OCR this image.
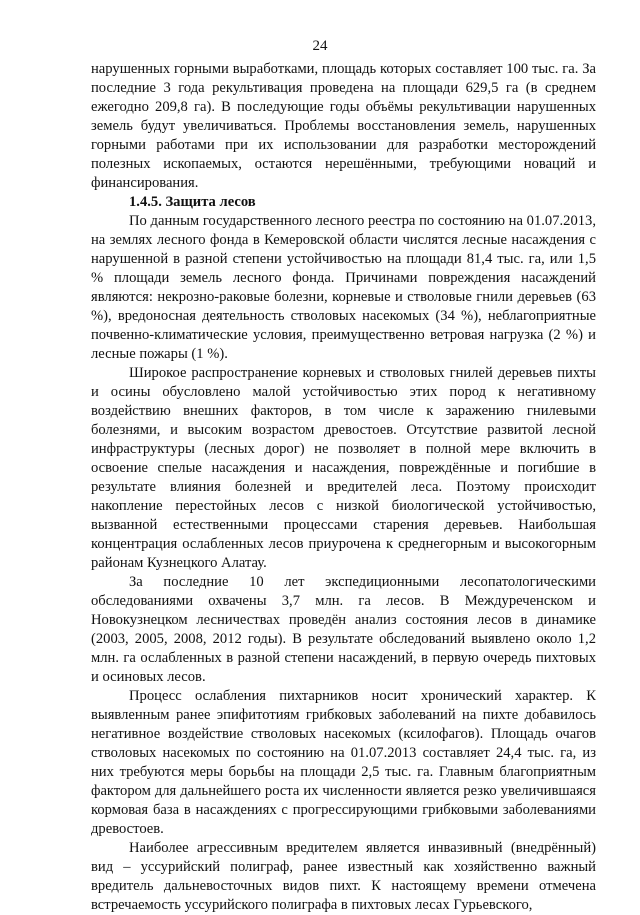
24

нарушенных горными выработками, площадь которых составляет 100 тыс. га. За последние 3 года рекультивация проведена на площади 629,5 га (в среднем ежегодно 209,8 га). В последующие годы объёмы рекультивации нарушенных земель будут увеличиваться. Проблемы восстановления земель, нарушенных горными работами при их использовании для разработки месторождений полезных ископаемых, остаются нерешёнными, требующими новаций и финансирования.

1.4.5. Защита лесов

По данным государственного лесного реестра по состоянию на 01.07.2013, на землях лесного фонда в Кемеровской области числятся лесные насаждения с нарушенной в разной степени устойчивостью на площади 81,4 тыс. га, или 1,5 % площади земель лесного фонда. Причинами повреждения насаждений являются: некрозно-раковые болезни, корневые и стволовые гнили деревьев (63 %), вредоносная деятельность стволовых насекомых (34 %), неблагоприятные почвенно-климатические условия, преимущественно ветровая нагрузка (2 %) и лесные пожары (1 %).

Широкое распространение корневых и стволовых гнилей деревьев пихты и осины обусловлено малой устойчивостью этих пород к негативному воздействию внешних факторов, в том числе к заражению гнилевыми болезнями, и высоким возрастом древостоев. Отсутствие развитой лесной инфраструктуры (лесных дорог) не позволяет в полной мере включить в освоение спелые насаждения и насаждения, повреждённые и погибшие в результате влияния болезней и вредителей леса. Поэтому происходит накопление перестойных лесов с низкой биологической устойчивостью, вызванной естественными процессами старения деревьев. Наибольшая концентрация ослабленных лесов приурочена к среднегорным и высокогорным районам Кузнецкого Алатау.

За последние 10 лет экспедиционными лесопатологическими обследованиями охвачены 3,7 млн. га лесов. В Междуреченском и Новокузнецком лесничествах проведён анализ состояния лесов в динамике (2003, 2005, 2008, 2012 годы). В результате обследований выявлено около 1,2 млн. га ослабленных в разной степени насаждений, в первую очередь пихтовых и осиновых лесов.

Процесс ослабления пихтарников носит хронический характер. К выявленным ранее эпифитотиям грибковых заболеваний на пихте добавилось негативное воздействие стволовых насекомых (ксилофагов). Площадь очагов стволовых насекомых по состоянию на 01.07.2013 составляет 24,4 тыс. га, из них требуются меры борьбы на площади 2,5 тыс. га. Главным благоприятным фактором для дальнейшего роста их численности является резко увеличившаяся кормовая база в насаждениях с прогрессирующими грибковыми заболеваниями древостоев.

Наиболее агрессивным вредителем является инвазивный (внедрённый) вид – уссурийский полиграф, ранее известный как хозяйственно важный вредитель дальневосточных видов пихт. К настоящему времени отмечена встречаемость уссурийского полиграфа в пихтовых лесах Гурьевского,
